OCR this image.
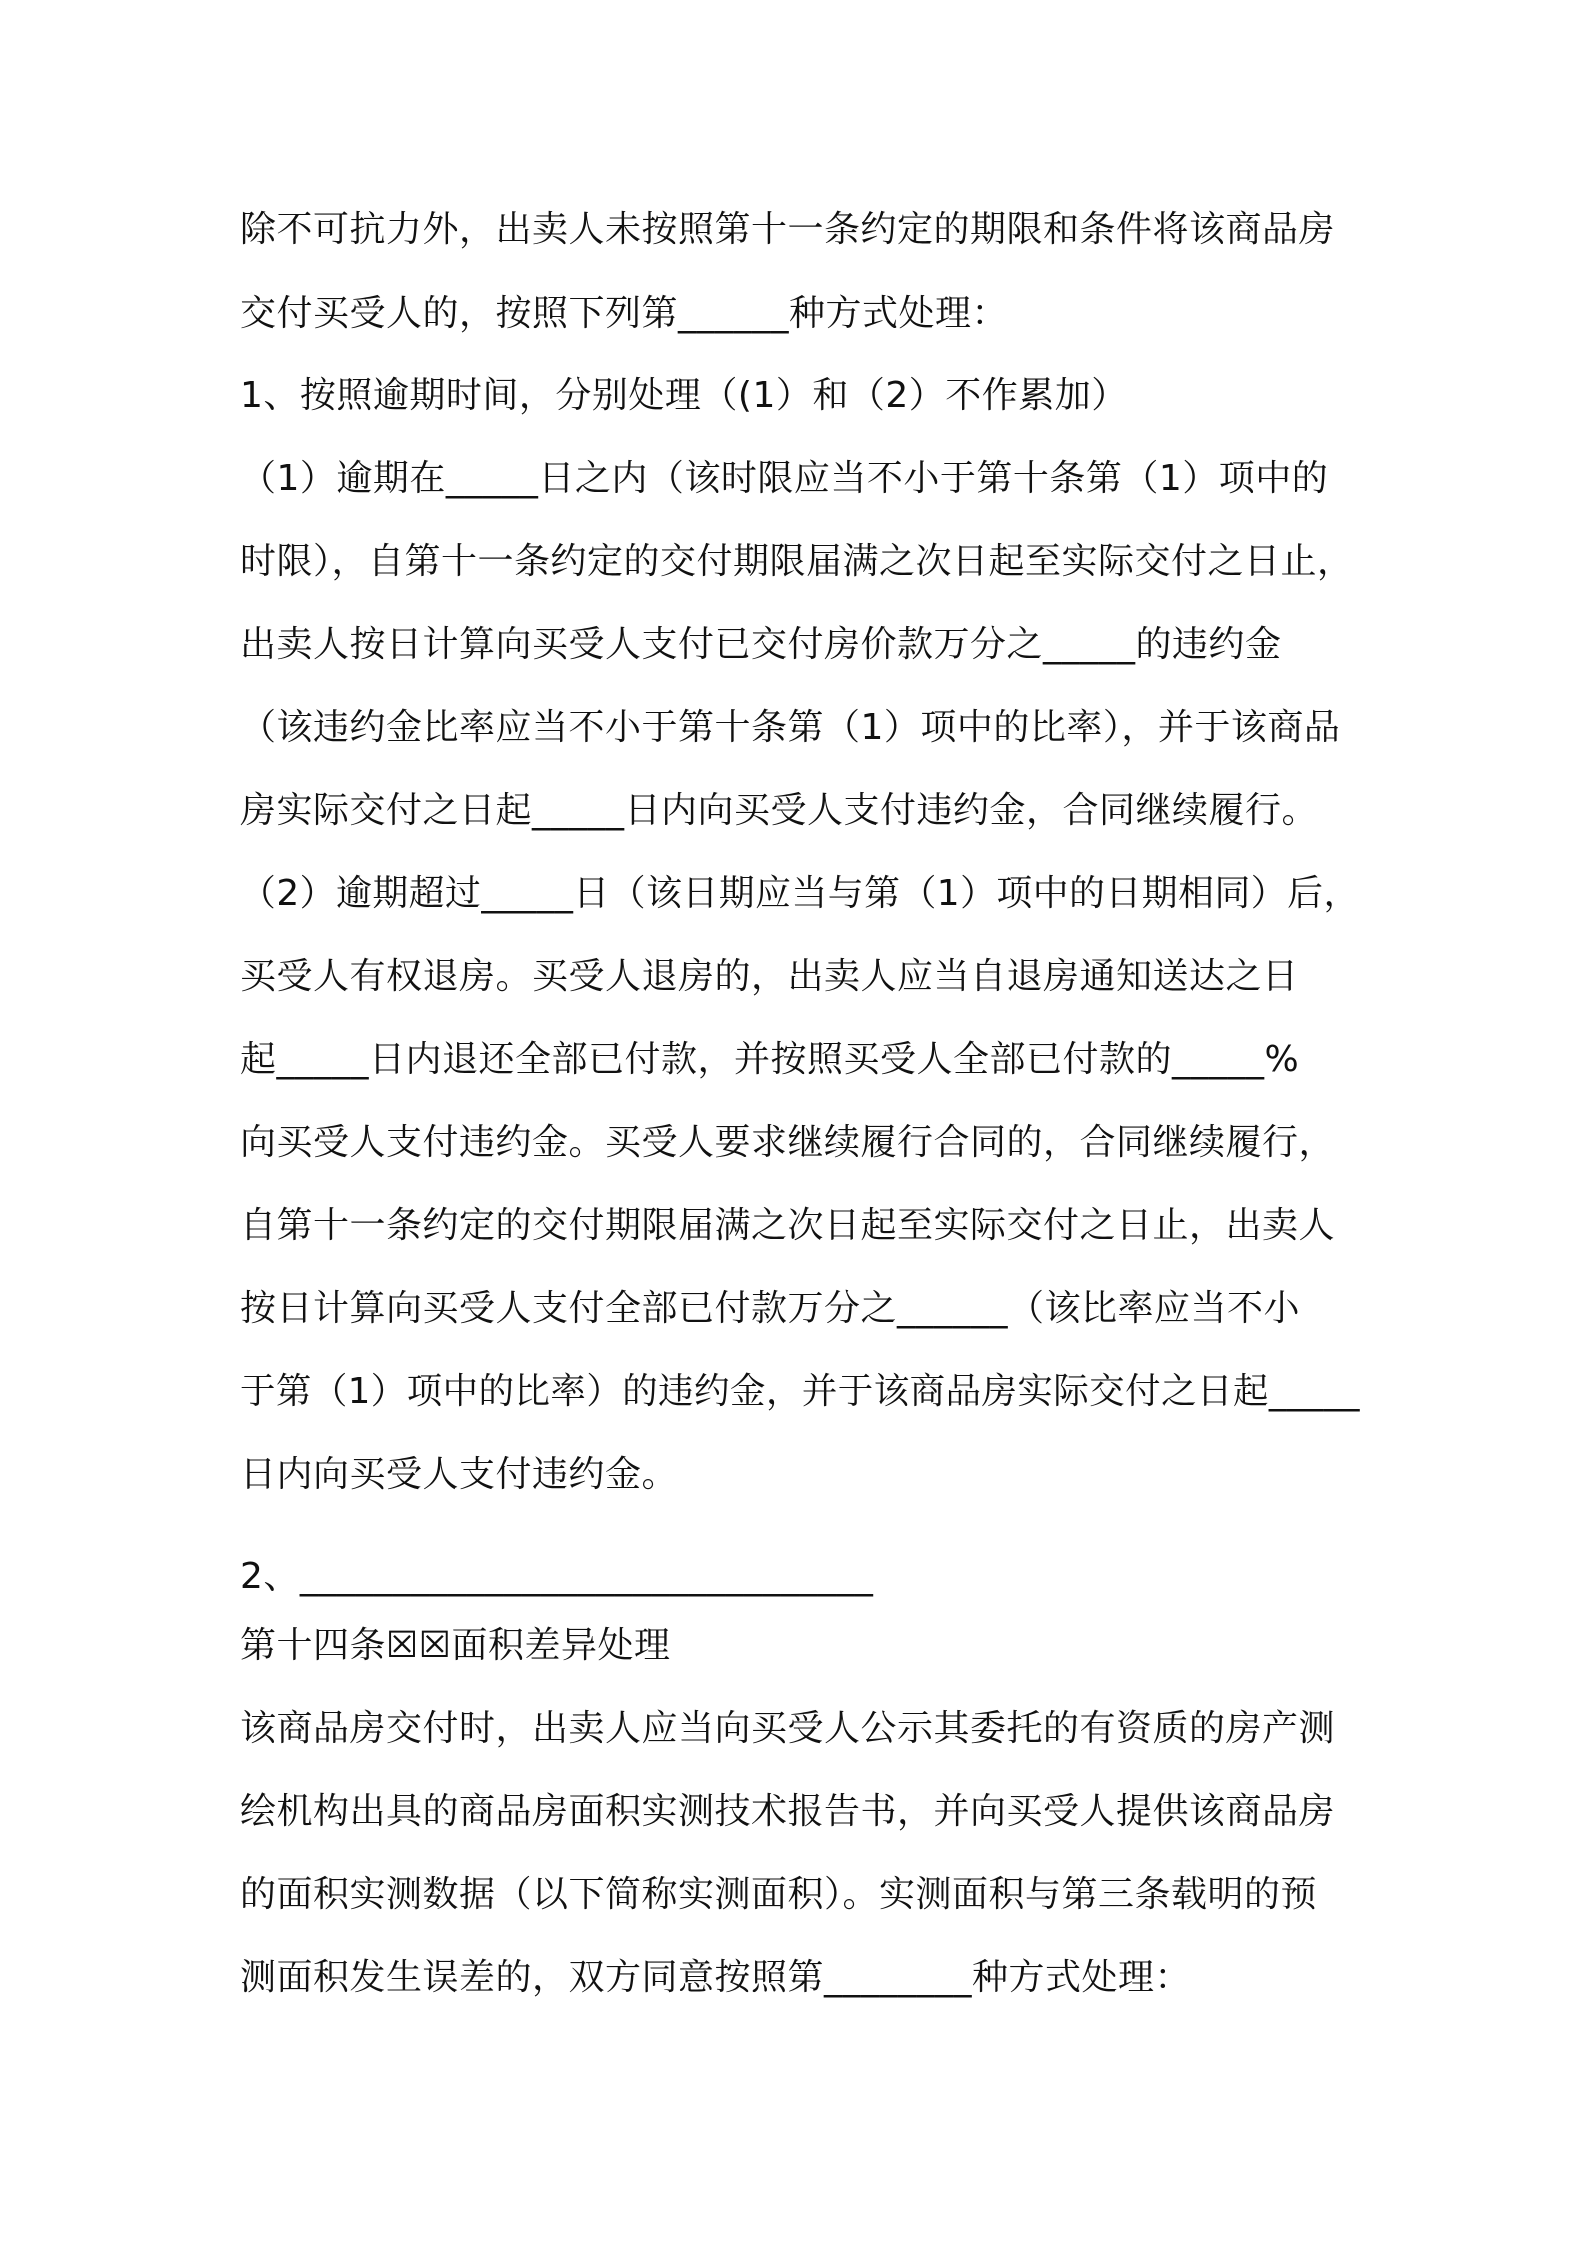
除不可抗力外，出卖人未按照第十一条约定的期限和条件将该商品房
交付买受人的，按照下列第______种方式处理：
1、按照逾期时间，分别处理（(1）和（2）不作累加）
（1）逾期在_____日之内（该时限应当不小于第十条第（1）项中的
时限），自第十一条约定的交付期限届满之次日起至实际交付之日止，
出卖人按日计算向买受人支付已交付房价款万分之_____的违约金
（该违约金比率应当不小于第十条第（1）项中的比率），并于该商品
房实际交付之日起_____日内向买受人支付违约金，合同继续履行。
（2）逾期超过_____日（该日期应当与第（1）项中的日期相同）后，
买受人有权退房。买受人退房的，出卖人应当自退房通知送达之日
起_____日内退还全部已付款，并按照买受人全部已付款的_____%
向买受人支付违约金。买受人要求继续履行合同的，合同继续履行，
自第十一条约定的交付期限届满之次日起至实际交付之日止，出卖人
按日计算向买受人支付全部已付款万分之______（该比率应当不小
于第（1）项中的比率）的违约金，并于该商品房实际交付之日起_____
日内向买受人支付违约金。
2、_______________________________
第十四条☒☒面积差异处理
该商品房交付时，出卖人应当向买受人公示其委托的有资质的房产测
绘机构出具的商品房面积实测技术报告书，并向买受人提供该商品房
的面积实测数据（以下简称实测面积）。实测面积与第三条载明的预
测面积发生误差的，双方同意按照第________种方式处理：
